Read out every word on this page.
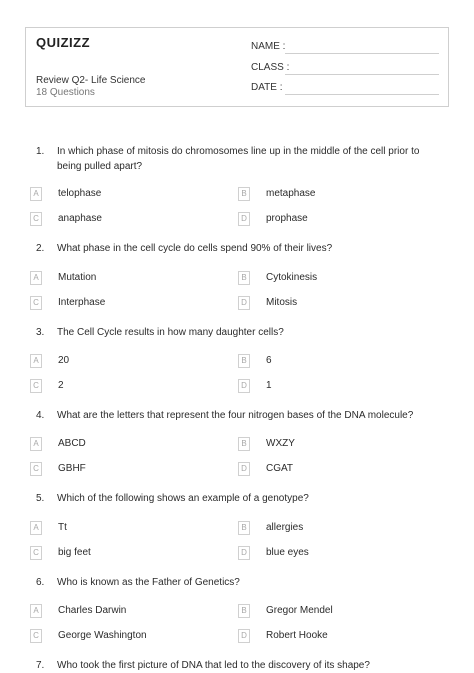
QUIZIZZ
Review Q2- Life Science
18 Questions
NAME :
CLASS :
DATE :
1.	In which phase of mitosis do chromosomes line up in the middle of the cell prior to being pulled apart?
A	telophase	B	metaphase
C	anaphase	D	prophase
2.	What phase in the cell cycle do cells spend 90% of their lives?
A	Mutation	B	Cytokinesis
C	Interphase	D	Mitosis
3.	The Cell Cycle results in how many daughter cells?
A	20	B	6
C	2	D	1
4.	What are the letters that represent the four nitrogen bases of the DNA molecule?
A	ABCD	B	WXZY
C	GBHF	D	CGAT
5.	Which of the following shows an example of a genotype?
A	Tt	B	allergies
C	big feet	D	blue eyes
6.	Who is known as the Father of Genetics?
A	Charles Darwin	B	Gregor Mendel
C	George Washington	D	Robert Hooke
7.	Who took the first picture of DNA that led to the discovery of its shape?
